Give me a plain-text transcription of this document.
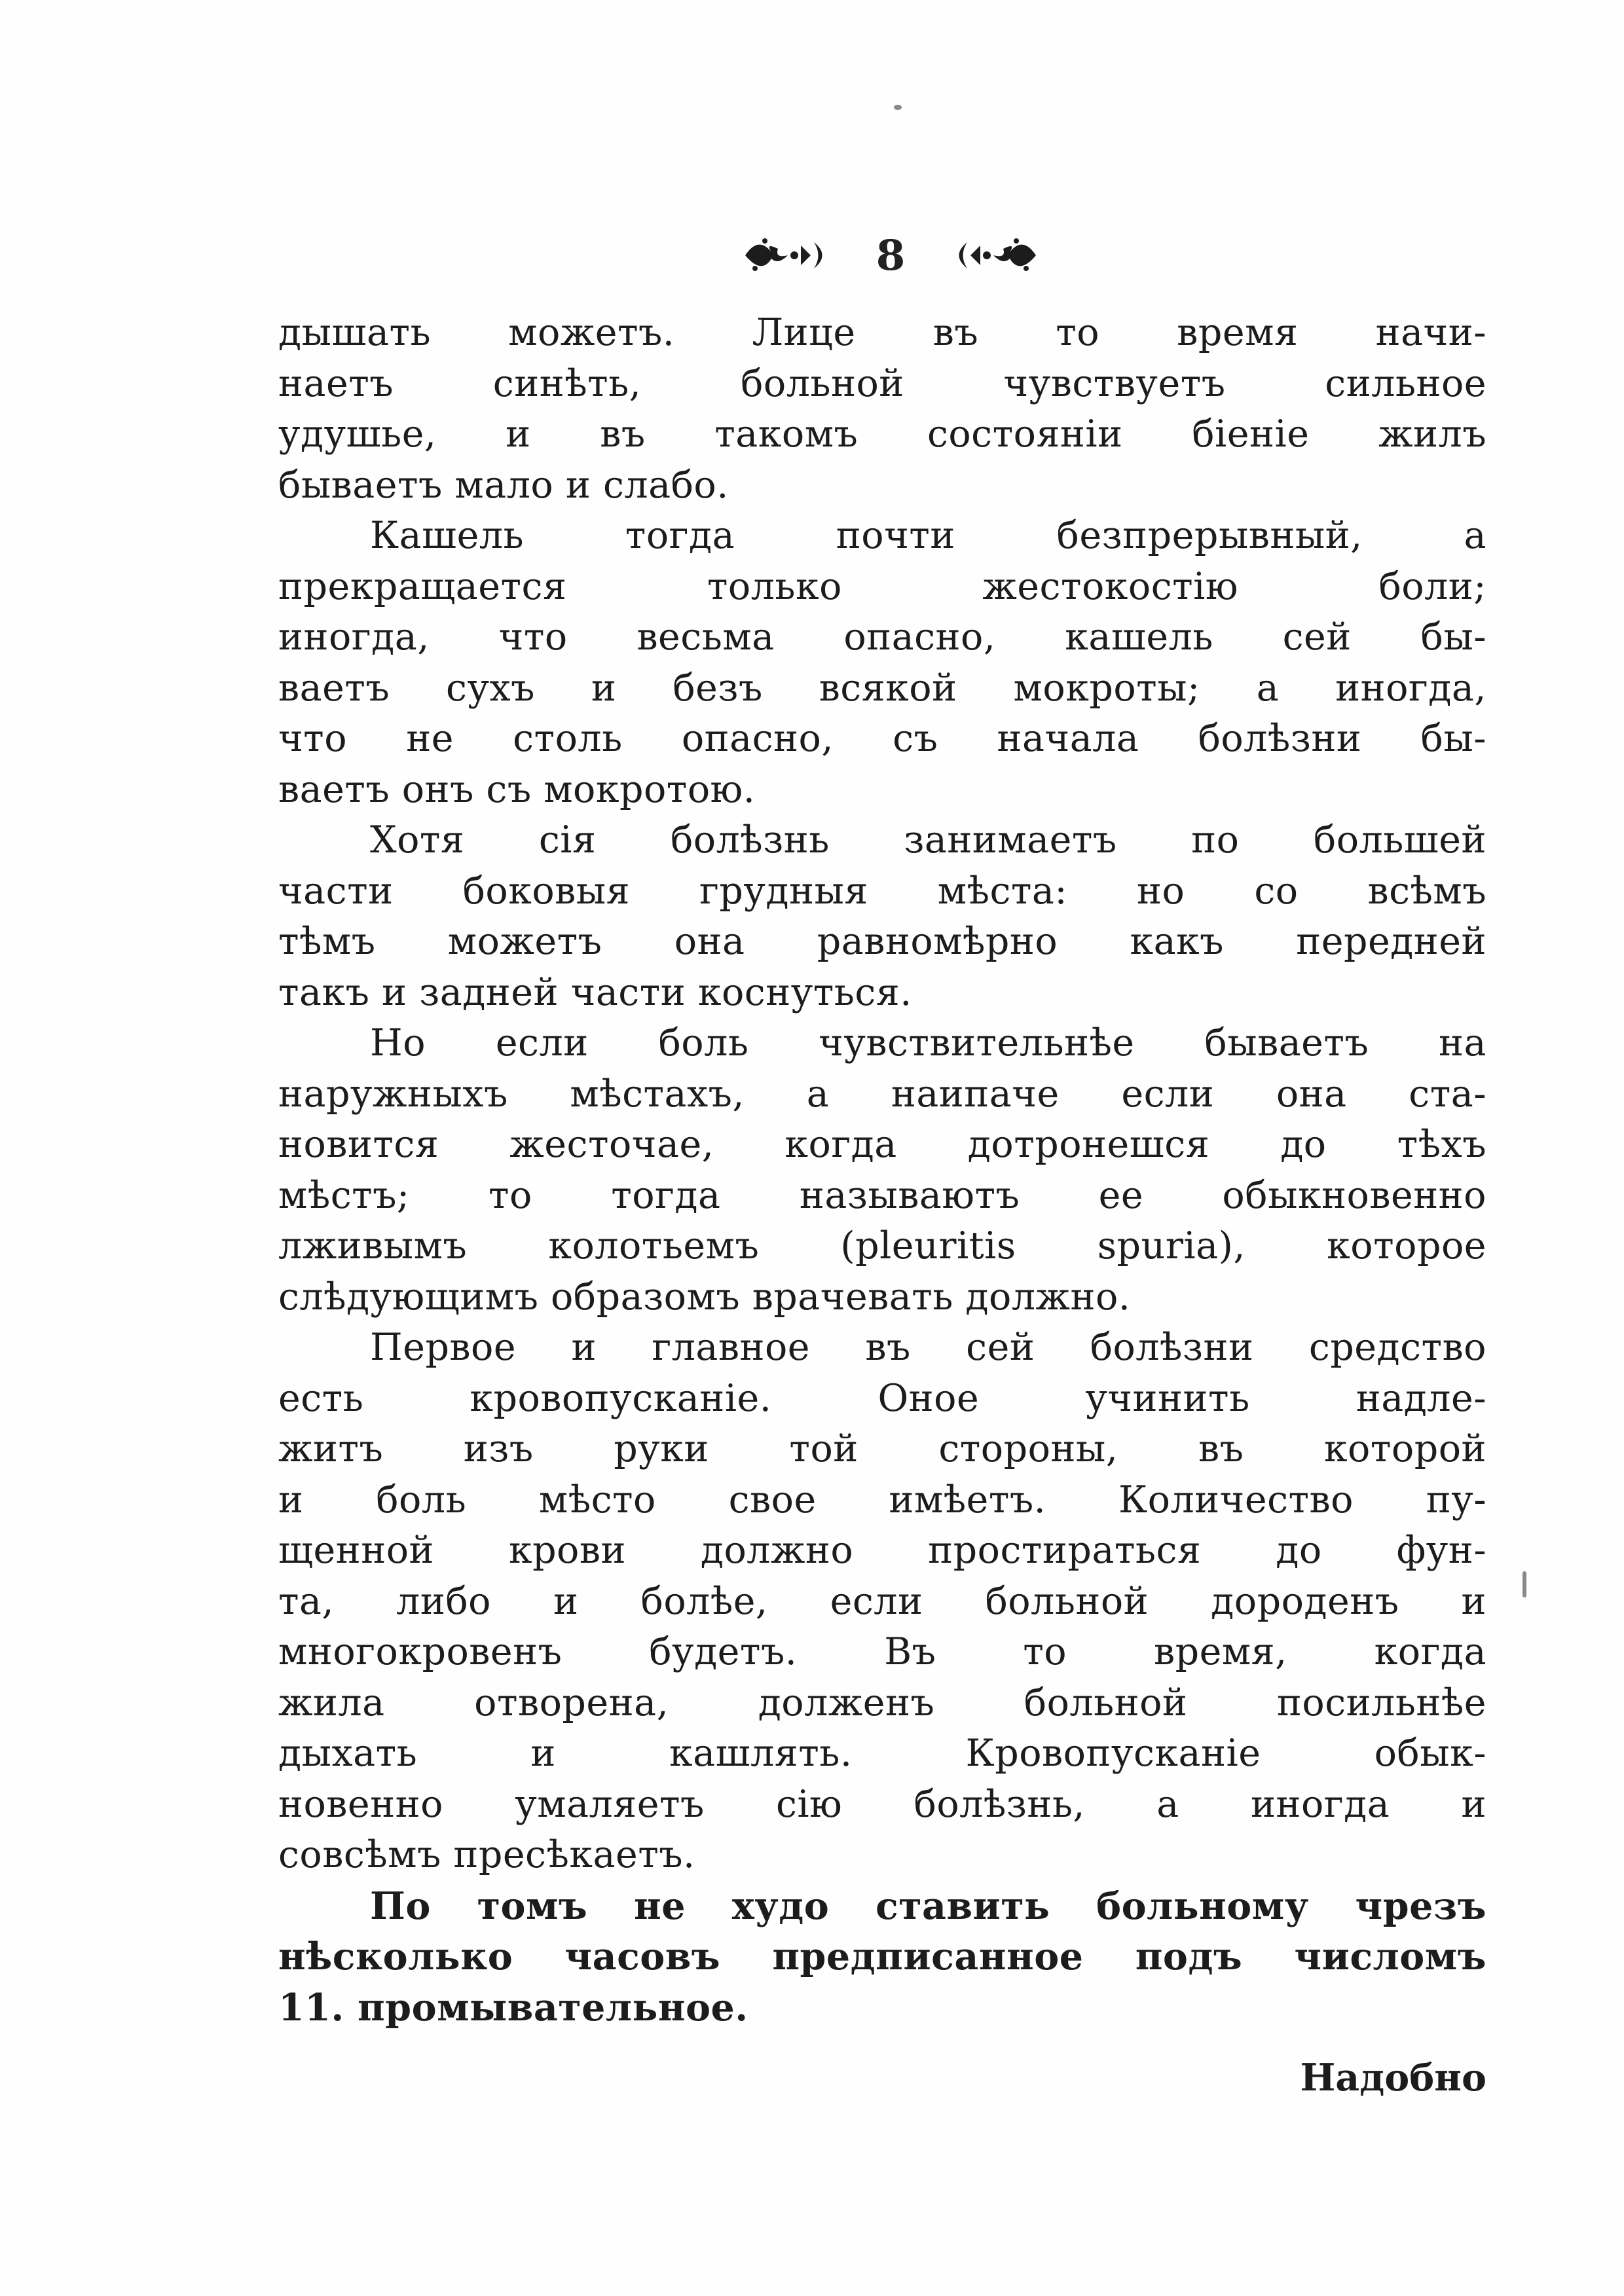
8

дышать можетъ. Лице въ то время начи-
наетъ синѣть, больной чувствуетъ сильное
удушье, и въ такомъ состоянiи бiенiе жилъ
бываетъ мало и слабо.

Кашель тогда почти безпрерывный, а
прекращается только жестокостiю боли;
иногда, что весьма опасно, кашель сей бы-
ваетъ сухъ и безъ всякой мокроты; а иногда,
что не столь опасно, съ начала болѣзни бы-
ваетъ онъ съ мокротою.

Хотя сiя болѣзнь занимаетъ по большей
части боковыя грудныя мѣста: но со всѣмъ
тѣмъ можетъ она равномѣрно какъ передней
такъ и задней части коснуться.

Но если боль чувствительнѣе бываетъ на
наружныхъ мѣстахъ, а наипаче если она ста-
новится жесточае, когда дотронешся до тѣхъ
мѣстъ; то тогда называютъ ее обыкновенно
лживымъ колотьемъ (pleuritis spuria), которое
слѣдующимъ образомъ врачевать должно.

Первое и главное въ сей болѣзни средство
есть кровопусканiе. Оное учинить надле-
житъ изъ руки той стороны, въ которой
и боль мѣсто свое имѣетъ. Количество пу-
щенной крови должно простираться до фун-
та, либо и болѣе, если больной дороденъ и
многокровенъ будетъ. Въ то время, когда
жила отворена, долженъ больной посильнѣе
дыхать и кашлять. Кровопусканiе обык-
новенно умаляетъ сiю болѣзнь, а иногда и
совсѣмъ пресѣкаетъ.

По томъ не худо ставить больному чрезъ
нѣсколько часовъ предписанное подъ числомъ
11. промывательное.

Надобно
